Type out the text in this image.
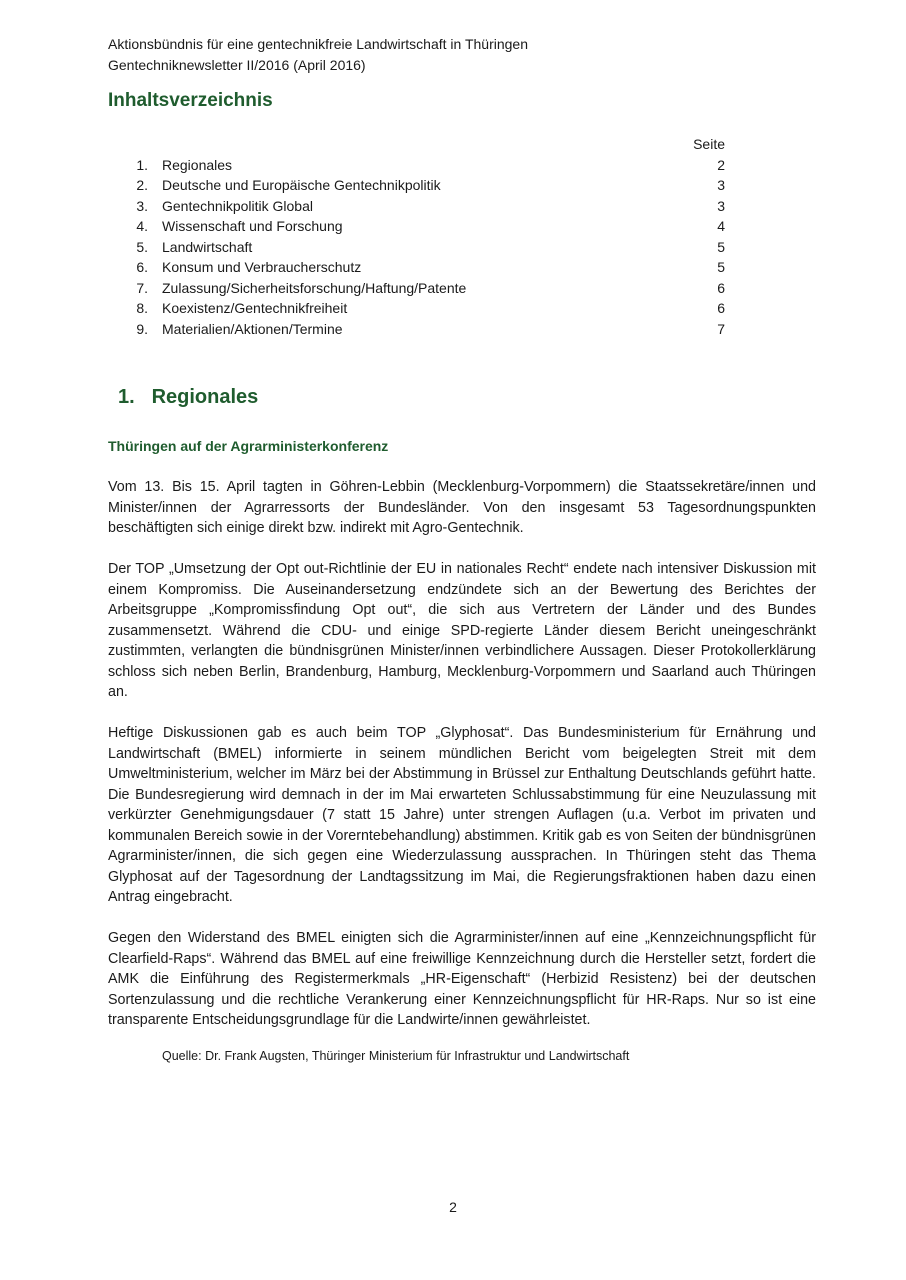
Aktionsbündnis für eine gentechnikfreie Landwirtschaft in Thüringen
Gentechniknewsletter II/2016 (April 2016)
Inhaltsverzeichnis
Seite
1.	Regionales	2
2.	Deutsche und Europäische Gentechnikpolitik	3
3.	Gentechnikpolitik Global	3
4.	Wissenschaft und Forschung	4
5.	Landwirtschaft	5
6.	Konsum und Verbraucherschutz	5
7.	Zulassung/Sicherheitsforschung/Haftung/Patente	6
8.	Koexistenz/Gentechnikfreiheit	6
9.	Materialien/Aktionen/Termine	7
1. Regionales
Thüringen auf der Agrarministerkonferenz

Vom 13. Bis 15. April tagten in Göhren-Lebbin (Mecklenburg-Vorpommern) die Staatssekretäre/innen und Minister/innen der Agrarressorts der Bundesländer. Von den insgesamt 53 Tagesordnungspunkten beschäftigten sich einige direkt bzw. indirekt mit Agro-Gentechnik.

Der TOP „Umsetzung der Opt out-Richtlinie der EU in nationales Recht“ endete nach intensiver Diskussion mit einem Kompromiss. Die Auseinandersetzung endzündete sich an der Bewertung des Berichtes der Arbeitsgruppe „Kompromissfindung Opt out“, die sich aus Vertretern der Länder und des Bundes zusammensetzt. Während die CDU- und einige SPD-regierte Länder diesem Bericht uneingeschränkt zustimmten, verlangten die bündnisgrünen Minister/innen verbindlichere Aussagen. Dieser Protokollerklärung schloss sich neben Berlin, Brandenburg, Hamburg, Mecklenburg-Vorpommern und Saarland auch Thüringen an.

Heftige Diskussionen gab es auch beim TOP „Glyphosat“. Das Bundesministerium für Ernährung und Landwirtschaft (BMEL) informierte in seinem mündlichen Bericht vom beigelegten Streit mit dem Umweltministerium, welcher im März bei der Abstimmung in Brüssel zur Enthaltung Deutschlands geführt hatte. Die Bundesregierung wird demnach in der im Mai erwarteten Schlussabstimmung für eine Neuzulassung mit verkürzter Genehmigungsdauer (7 statt 15 Jahre) unter strengen Auflagen (u.a. Verbot im privaten und kommunalen Bereich sowie in der Vorerntebehandlung) abstimmen. Kritik gab es von Seiten der bündnisgrünen Agrarminister/innen, die sich gegen eine Wiederzulassung aussprachen. In Thüringen steht das Thema Glyphosat auf der Tagesordnung der Landtagssitzung im Mai, die Regierungsfraktionen haben dazu einen Antrag eingebracht.

Gegen den Widerstand des BMEL einigten sich die Agrarminister/innen auf eine „Kennzeichnungspflicht für Clearfield-Raps“. Während das BMEL auf eine freiwillige Kennzeichnung durch die Hersteller setzt, fordert die AMK die Einführung des Registermerkmals „HR-Eigenschaft“ (Herbizid Resistenz) bei der deutschen Sortenzulassung und die rechtliche Verankerung einer Kennzeichnungspflicht für HR-Raps. Nur so ist eine transparente Entscheidungsgrundlage für die Landwirte/innen gewährleistet.

Quelle: Dr. Frank Augsten, Thüringer Ministerium für Infrastruktur und Landwirtschaft
2
